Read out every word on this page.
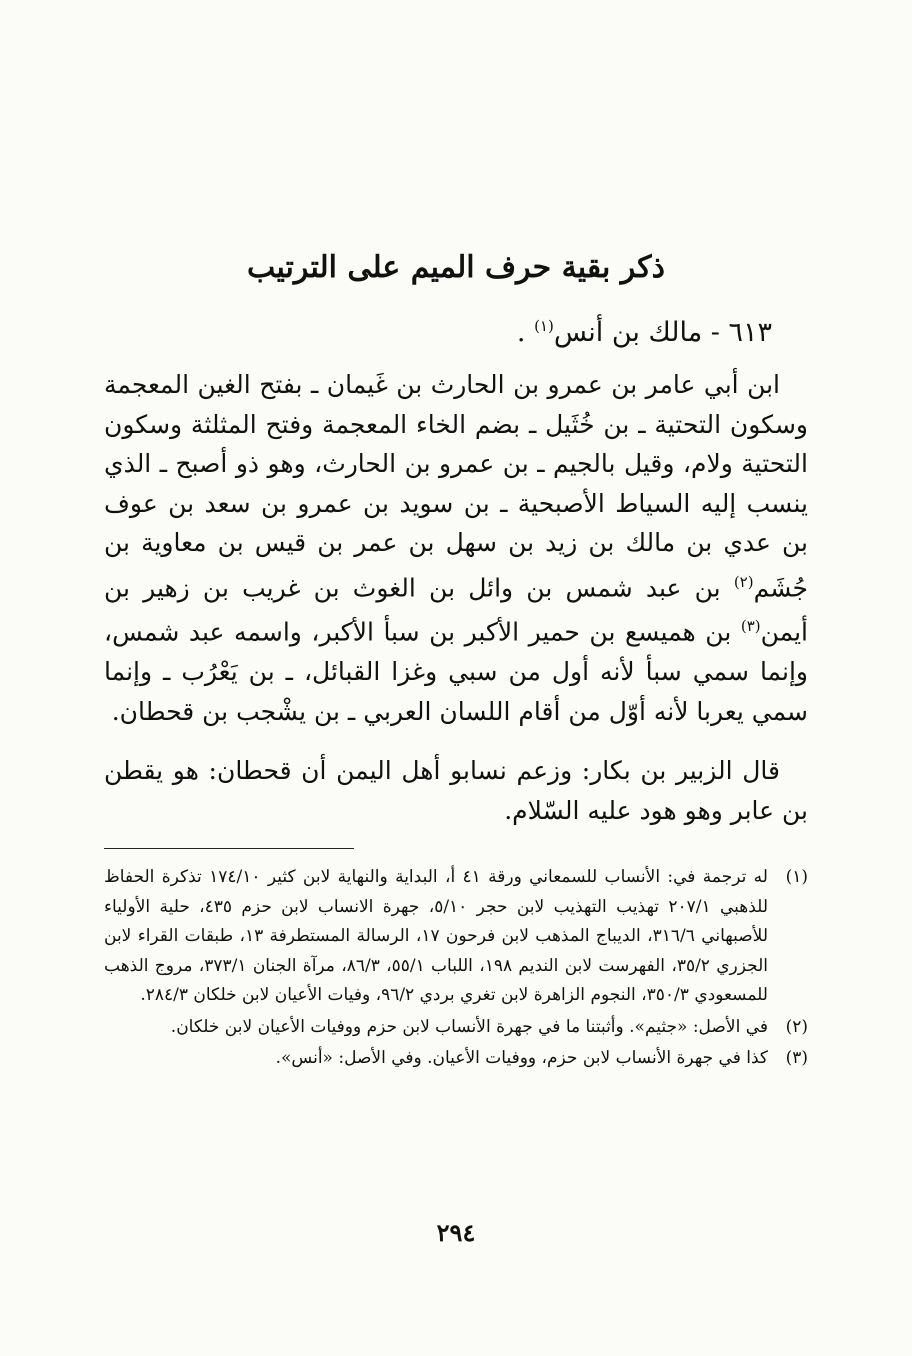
ذكر بقية حرف الميم على الترتيب
٦١٣ - مالك بن أنس$^{(١)}$ .

ابن أبي عامر بن عمرو بن الحارث بن غَيمان ـ بفتح الغين المعجمة وسكون التحتية ـ بن خُثَيل ـ بضم الخاء المعجمة وفتح المثلثة وسكون التحتية ولام، وقيل بالجيم ـ بن عمرو بن الحارث، وهو ذو أصبح ـ الذي ينسب إليه السياط الأصبحية ـ بن سويد بن عمرو بن سعد بن عوف بن عدي بن مالك بن زيد بن سهل بن عمر بن قيس بن معاوية بن جُشَم$^{(٢)}$ بن عبد شمس بن وائل بن الغوث بن غريب بن زهير بن أيمن$^{(٣)}$ بن هميسع بن حمير الأكبر بن سبأ الأكبر، واسمه عبد شمس، وإنما سمي سبأ لأنه أول من سبي وغزا القبائل، ـ بن يَعْرُب ـ وإنما سمي يعربا لأنه أوّل من أقام اللسان العربي ـ بن يشْجب بن قحطان.

قال الزبير بن بكار: وزعم نسابو أهل اليمن أن قحطان: هو يقطن بن عابر وهو هود عليه السّلام.

(١)
له ترجمة في: الأنساب للسمعاني ورقة ٤١ أ، البداية والنهاية لابن كثير ١٧٤/١٠ تذكرة الحفاظ للذهبي ٢٠٧/١ تهذيب التهذيب لابن حجر ٥/١٠، جهرة الانساب لابن حزم ٤٣٥، حلية الأولياء للأصبهاني ٣١٦/٦، الديباج المذهب لابن فرحون ١٧، الرسالة المستطرفة ١٣، طبقات القراء لابن الجزري ٣٥/٢، الفهرست لابن النديم ١٩٨، اللباب ٥٥/١، ٨٦/٣، مرآة الجنان ٣٧٣/١، مروج الذهب للمسعودي ٣٥٠/٣، النجوم الزاهرة لابن تغري بردي ٩٦/٢، وفيات الأعيان لابن خلكان ٢٨٤/٣.
(٢)
في الأصل: «جثيم». وأثبتنا ما في جهرة الأنساب لابن حزم ووفيات الأعيان لابن خلكان.
(٣)
كذا في جهرة الأنساب لابن حزم، ووفيات الأعيان. وفي الأصل: «أنس».
٢٩٤
